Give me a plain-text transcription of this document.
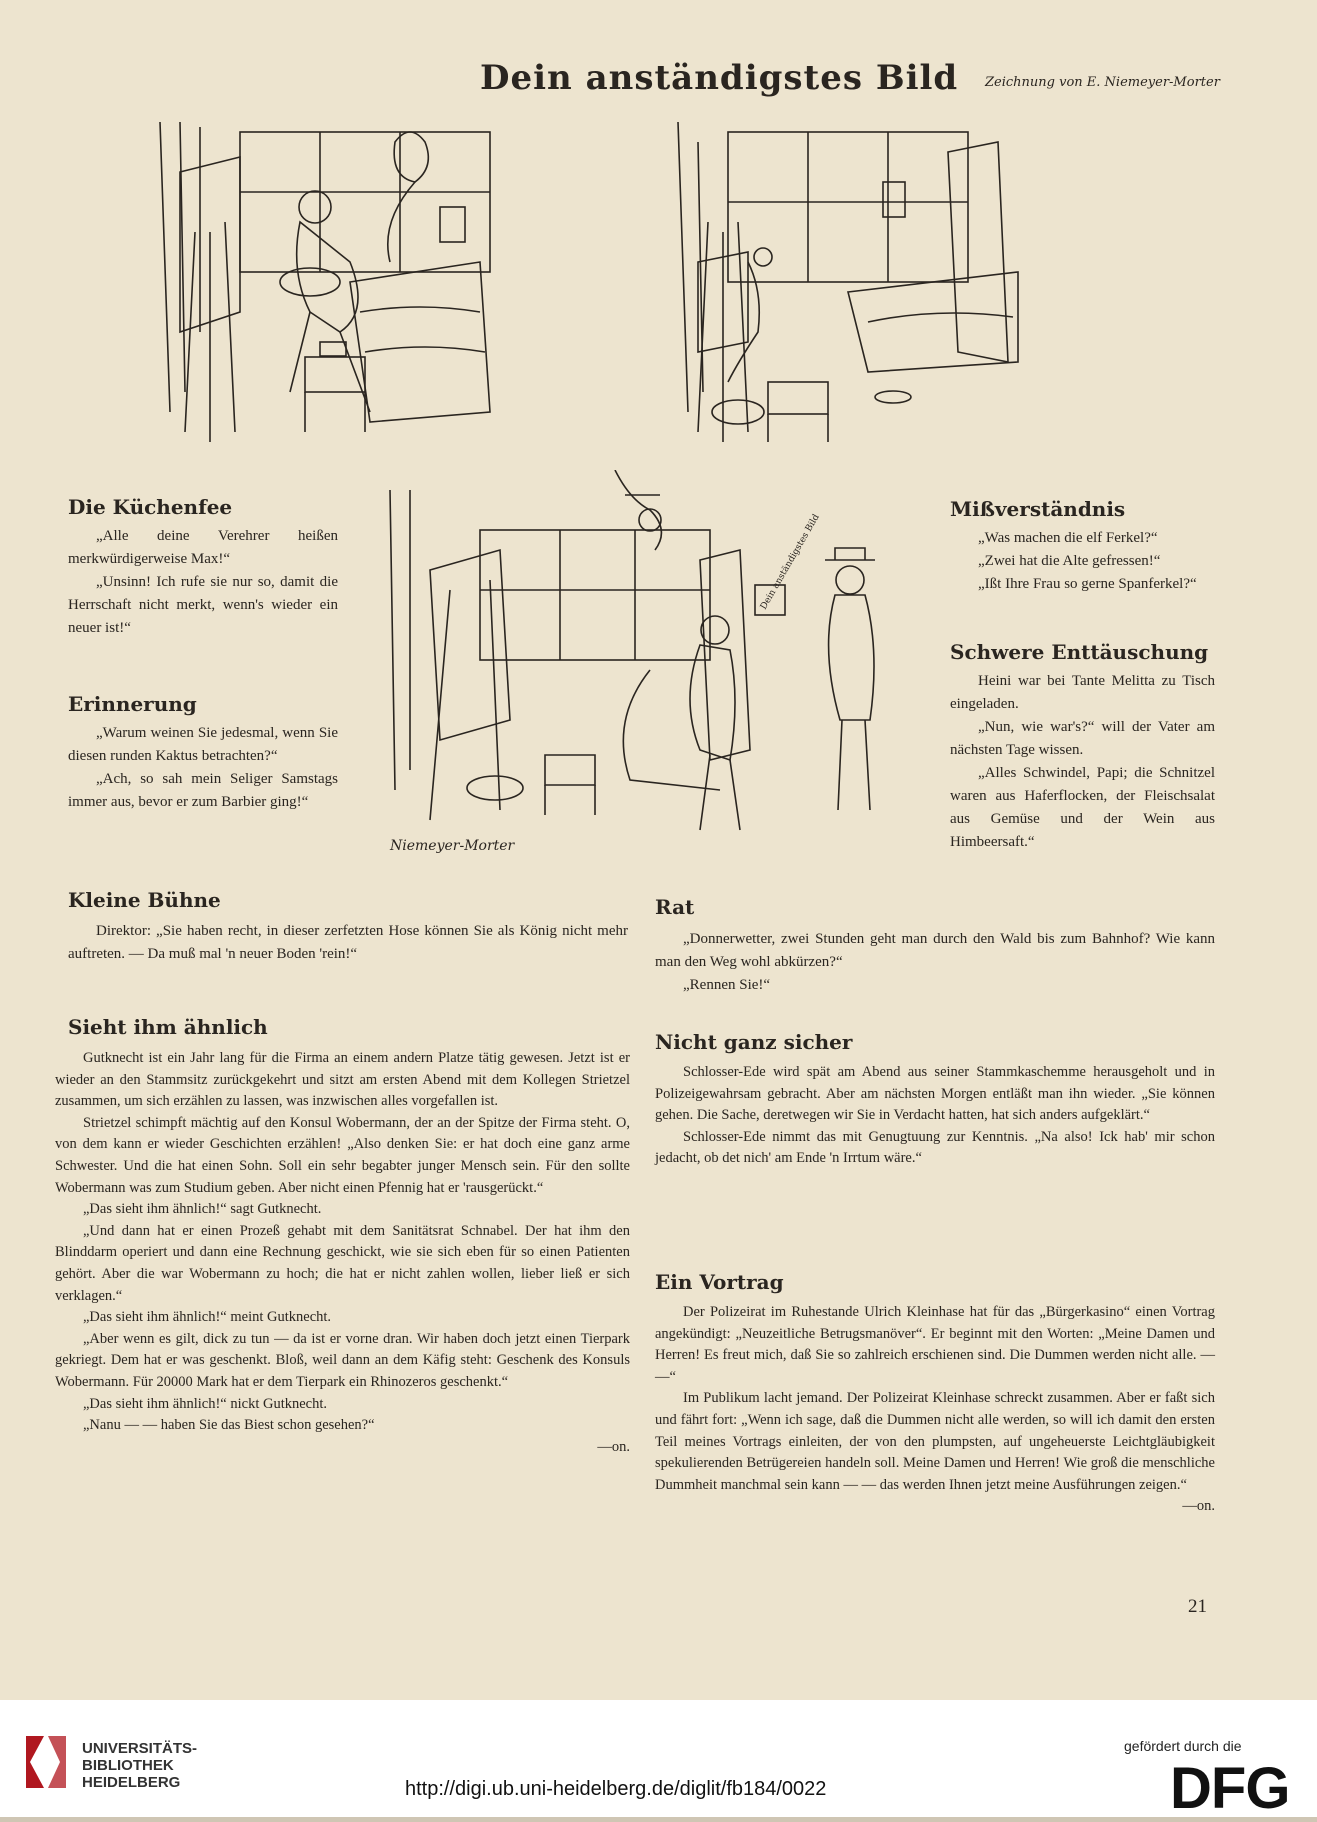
Dein anständigstes Bild Zeichnung von E. Niemeyer-Morter
Dein anständigstes Bild
Niemeyer-Morter
Die Küchenfee

„Alle deine Verehrer heißen merkwürdigerweise Max!“

„Unsinn! Ich rufe sie nur so, damit die Herrschaft nicht merkt, wenn's wieder ein neuer ist!“

Erinnerung

„Warum weinen Sie jedesmal, wenn Sie diesen runden Kaktus betrachten?“

„Ach, so sah mein Seliger Samstags immer aus, bevor er zum Barbier ging!“

Mißverständnis

„Was machen die elf Ferkel?“

„Zwei hat die Alte gefressen!“

„Ißt Ihre Frau so gerne Spanferkel?“

Schwere Enttäuschung

Heini war bei Tante Melitta zu Tisch eingeladen.

„Nun, wie war's?“ will der Vater am nächsten Tage wissen.

„Alles Schwindel, Papi; die Schnitzel waren aus Haferflocken, der Fleischsalat aus Gemüse und der Wein aus Himbeersaft.“

Kleine Bühne

Direktor: „Sie haben recht, in dieser zerfetzten Hose können Sie als König nicht mehr auftreten. — Da muß mal 'n neuer Boden 'rein!“

Rat

„Donnerwetter, zwei Stunden geht man durch den Wald bis zum Bahnhof? Wie kann man den Weg wohl abkürzen?“

„Rennen Sie!“

Sieht ihm ähnlich

Gutknecht ist ein Jahr lang für die Firma an einem andern Platze tätig gewesen. Jetzt ist er wieder an den Stammsitz zurückgekehrt und sitzt am ersten Abend mit dem Kollegen Strietzel zusammen, um sich erzählen zu lassen, was inzwischen alles vorgefallen ist.

Strietzel schimpft mächtig auf den Konsul Wobermann, der an der Spitze der Firma steht. O, von dem kann er wieder Geschichten erzählen! „Also denken Sie: er hat doch eine ganz arme Schwester. Und die hat einen Sohn. Soll ein sehr begabter junger Mensch sein. Für den sollte Wobermann was zum Studium geben. Aber nicht einen Pfennig hat er 'rausgerückt.“

„Das sieht ihm ähnlich!“ sagt Gutknecht.

„Und dann hat er einen Prozeß gehabt mit dem Sanitätsrat Schnabel. Der hat ihm den Blinddarm operiert und dann eine Rechnung geschickt, wie sie sich eben für so einen Patienten gehört. Aber die war Wobermann zu hoch; die hat er nicht zahlen wollen, lieber ließ er sich verklagen.“

„Das sieht ihm ähnlich!“ meint Gutknecht.

„Aber wenn es gilt, dick zu tun — da ist er vorne dran. Wir haben doch jetzt einen Tierpark gekriegt. Dem hat er was geschenkt. Bloß, weil dann an dem Käfig steht: Geschenk des Konsuls Wobermann. Für 20000 Mark hat er dem Tierpark ein Rhinozeros geschenkt.“

„Das sieht ihm ähnlich!“ nickt Gutknecht.

„Nanu — — haben Sie das Biest schon gesehen?“

—on.
Nicht ganz sicher

Schlosser-Ede wird spät am Abend aus seiner Stammkaschemme herausgeholt und in Polizeigewahrsam gebracht. Aber am nächsten Morgen entläßt man ihn wieder. „Sie können gehen. Die Sache, deretwegen wir Sie in Verdacht hatten, hat sich anders aufgeklärt.“

Schlosser-Ede nimmt das mit Genugtuung zur Kenntnis. „Na also! Ick hab' mir schon jedacht, ob det nich' am Ende 'n Irrtum wäre.“

Ein Vortrag

Der Polizeirat im Ruhestande Ulrich Kleinhase hat für das „Bürgerkasino“ einen Vortrag angekündigt: „Neuzeitliche Betrugsmanöver“. Er beginnt mit den Worten: „Meine Damen und Herren! Es freut mich, daß Sie so zahlreich erschienen sind. Die Dummen werden nicht alle. — —“

Im Publikum lacht jemand. Der Polizeirat Kleinhase schreckt zusammen. Aber er faßt sich und fährt fort: „Wenn ich sage, daß die Dummen nicht alle werden, so will ich damit den ersten Teil meines Vortrags einleiten, der von den plumpsten, auf ungeheuerste Leichtgläubigkeit spekulierenden Betrügereien handeln soll. Meine Damen und Herren! Wie groß die menschliche Dummheit manchmal sein kann — — das werden Ihnen jetzt meine Ausführungen zeigen.“

—on.
21
UNIVERSITÄTS-
BIBLIOTHEK
HEIDELBERG	http://digi.ub.uni-heidelberg.de/diglit/fb184/0022
gefördert durch die
DFG
